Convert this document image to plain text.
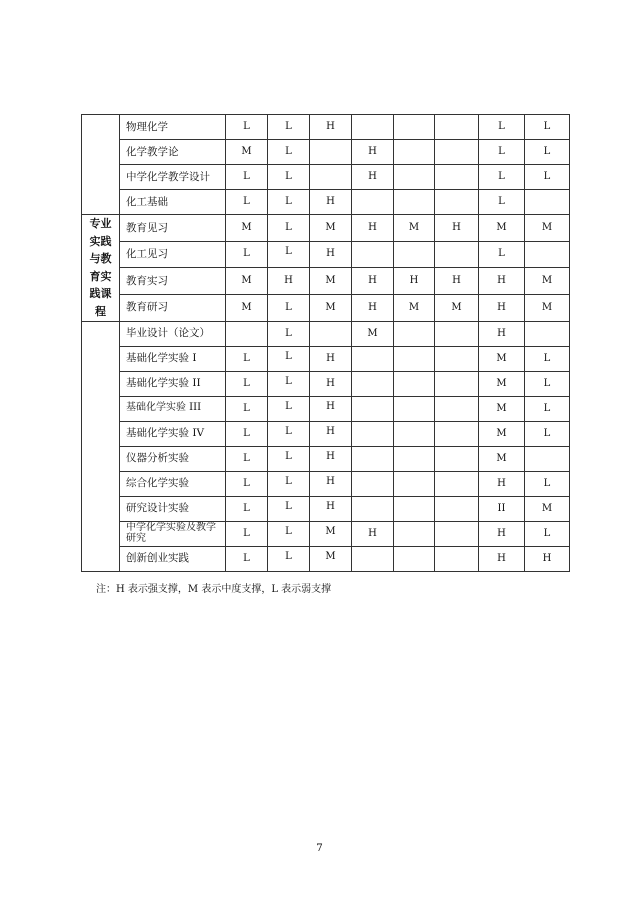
	物理化学	L	L	H				L	L
	化学教学论	M	L		H			L	L
	中学化学教学设计	L	L		H			L	L
	化工基础	L	L	H				L	
专业实践与教育实践课程	教育见习	M	L	M	H	M	H	M	M
	化工见习	L	L	H				L	
	教育实习	M	H	M	H	H	H	H	M
	教育研习	M	L	M	H	M	M	H	M
	毕业设计（论文）		L		M			H	
	基础化学实验 I	L	L	H				M	L
	基础化学实验 II	L	L	H				M	L
	基础化学实验 III	L	L	H				M	L
	基础化学实验 IV	L	L	H				M	L
	仪器分析实验	L	L	H				M	
	综合化学实验	L	L	H				H	L
	研究设计实验	L	L	H				II	M
	中学化学实验及教学研究	L	L	M	H			H	L
	创新创业实践	L	L	M				H	H
注：H 表示强支撑，M 表示中度支撑，L 表示弱支撑
7
